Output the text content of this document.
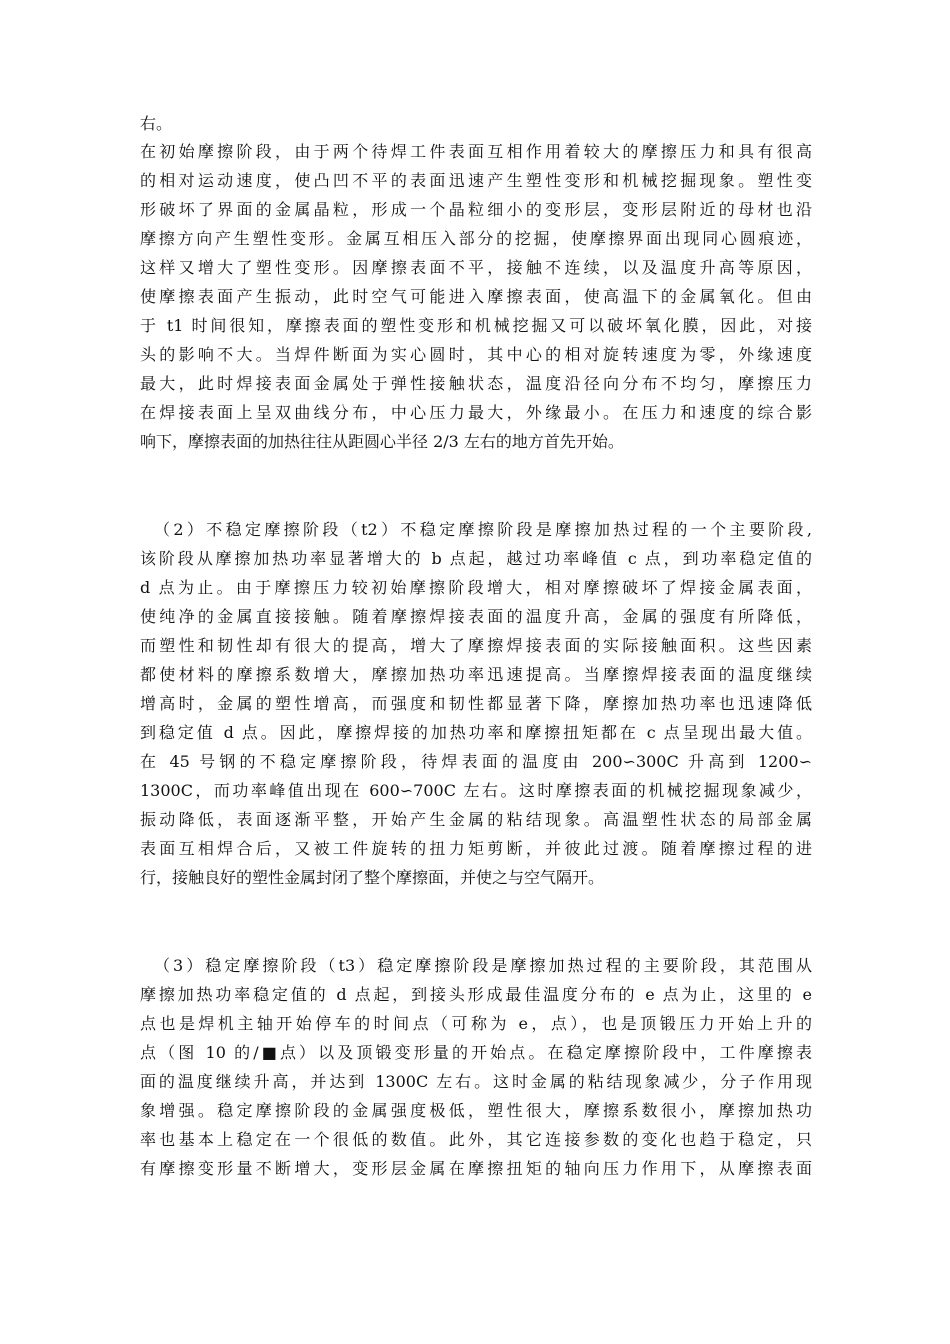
右。

在初始摩擦阶段，由于两个待焊工件表面互相作用着较大的摩擦压力和具有很高

的相对运动速度，使凸凹不平的表面迅速产生塑性变形和机械挖掘现象。塑性变

形破坏了界面的金属晶粒，形成一个晶粒细小的变形层，变形层附近的母材也沿

摩擦方向产生塑性变形。金属互相压入部分的挖掘，使摩擦界面出现同心圆痕迹，

这样又增大了塑性变形。因摩擦表面不平，接触不连续，以及温度升高等原因，

使摩擦表面产生振动，此时空气可能进入摩擦表面，使高温下的金属氧化。但由

于 t1 时间很知，摩擦表面的塑性变形和机械挖掘又可以破坏氧化膜，因此，对接

头的影响不大。当焊件断面为实心圆时，其中心的相对旋转速度为零，外缘速度

最大，此时焊接表面金属处于弹性接触状态，温度沿径向分布不均匀，摩擦压力

在焊接表面上呈双曲线分布，中心压力最大，外缘最小。在压力和速度的综合影

响下，摩擦表面的加热往往从距圆心半径 2/3 左右的地方首先开始。

（2）不稳定摩擦阶段（t2）不稳定摩擦阶段是摩擦加热过程的一个主要阶段,

该阶段从摩擦加热功率显著增大的 b 点起，越过功率峰值 c 点，到功率稳定值的

d 点为止。由于摩擦压力较初始摩擦阶段增大，相对摩擦破坏了焊接金属表面，

使纯净的金属直接接触。随着摩擦焊接表面的温度升高，金属的强度有所降低，

而塑性和韧性却有很大的提高，增大了摩擦焊接表面的实际接触面积。这些因素

都使材料的摩擦系数增大，摩擦加热功率迅速提高。当摩擦焊接表面的温度继续

增高时，金属的塑性增高，而强度和韧性都显著下降，摩擦加热功率也迅速降低

到稳定值 d 点。因此，摩擦焊接的加热功率和摩擦扭矩都在 c 点呈现出最大值。

在 45 号钢的不稳定摩擦阶段，待焊表面的温度由 200∽300C 升高到 1200∽

1300C，而功率峰值出现在 600∽700C 左右。这时摩擦表面的机械挖掘现象减少，

振动降低，表面逐渐平整，开始产生金属的粘结现象。高温塑性状态的局部金属

表面互相焊合后，又被工件旋转的扭力矩剪断，并彼此过渡。随着摩擦过程的进

行，接触良好的塑性金属封闭了整个摩擦面，并使之与空气隔开。

（3）稳定摩擦阶段（t3）稳定摩擦阶段是摩擦加热过程的主要阶段，其范围从

摩擦加热功率稳定值的 d 点起，到接头形成最佳温度分布的 e 点为止，这里的 e

点也是焊机主轴开始停车的时间点（可称为 e，点），也是顶锻压力开始上升的

点（图 10 的/■点）以及顶锻变形量的开始点。在稳定摩擦阶段中，工件摩擦表

面的温度继续升高，并达到 1300C 左右。这时金属的粘结现象减少，分子作用现

象增强。稳定摩擦阶段的金属强度极低，塑性很大，摩擦系数很小，摩擦加热功

率也基本上稳定在一个很低的数值。此外，其它连接参数的变化也趋于稳定，只

有摩擦变形量不断增大，变形层金属在摩擦扭矩的轴向压力作用下，从摩擦表面
